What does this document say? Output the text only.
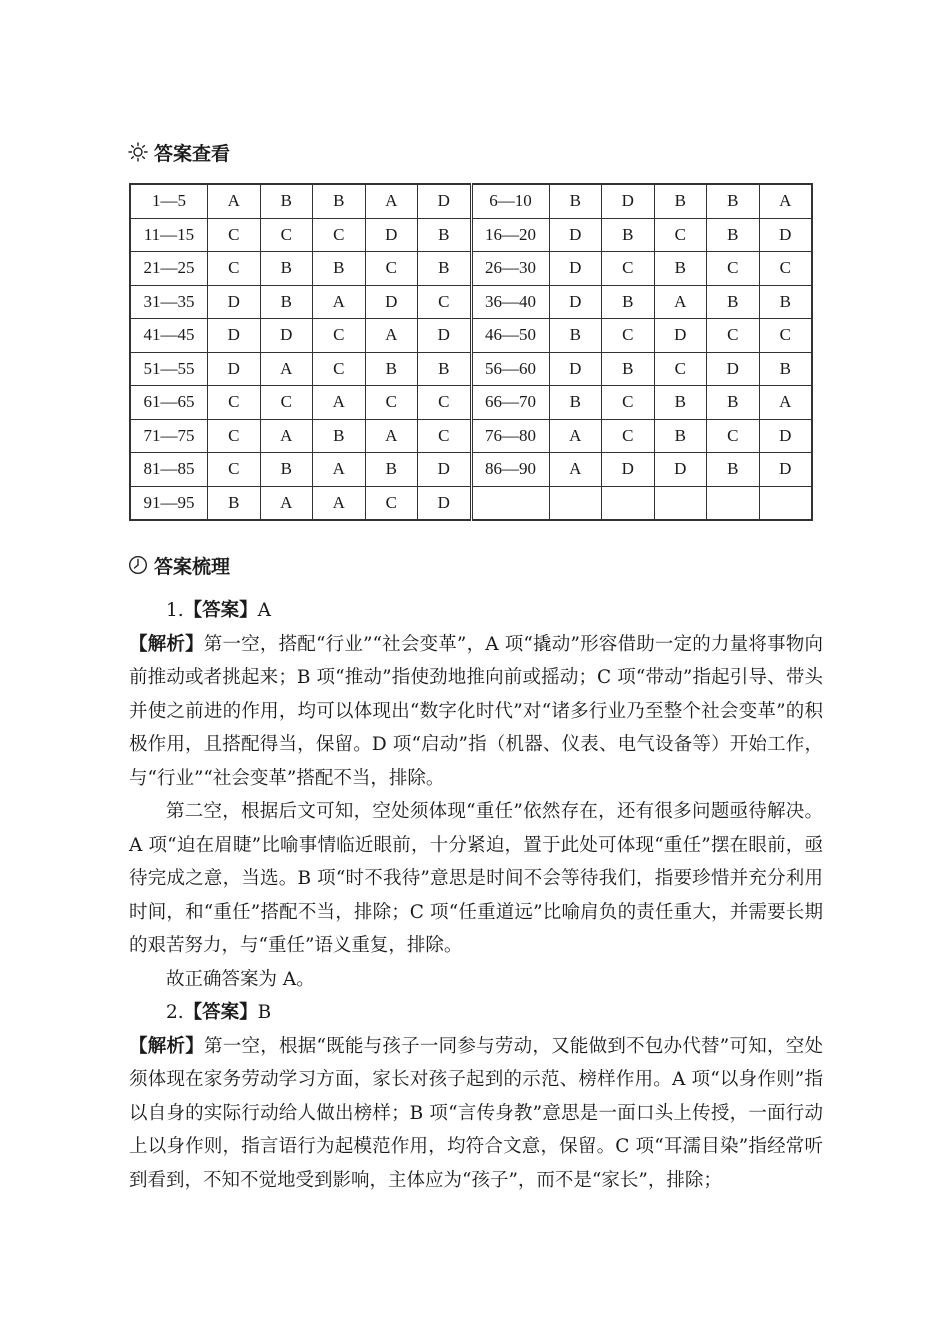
答案查看
1—5	A	B	B	A	D	6—10	B	D	B	B	A
11—15	C	C	C	D	B	16—20	D	B	C	B	D
21—25	C	B	B	C	B	26—30	D	C	B	C	C
31—35	D	B	A	D	C	36—40	D	B	A	B	B
41—45	D	D	C	A	D	46—50	B	C	D	C	C
51—55	D	A	C	B	B	56—60	D	B	C	D	B
61—65	C	C	A	C	C	66—70	B	C	B	B	A
71—75	C	A	B	A	C	76—80	A	C	B	C	D
81—85	C	B	A	B	D	86—90	A	D	D	B	D
91—95	B	A	A	C	D						
答案梳理

1.【答案】A

【解析】第一空，搭配“行业”“社会变革”，A 项“撬动”形容借助一定的力量将事物向前推动或者挑起来；B 项“推动”指使劲地推向前或摇动；C 项“带动”指起引导、带头并使之前进的作用，均可以体现出“数字化时代”对“诸多行业乃至整个社会变革”的积极作用，且搭配得当，保留。D 项“启动”指（机器、仪表、电气设备等）开始工作，与“行业”“社会变革”搭配不当，排除。

第二空，根据后文可知，空处须体现“重任”依然存在，还有很多问题亟待解决。A 项“迫在眉睫”比喻事情临近眼前，十分紧迫，置于此处可体现“重任”摆在眼前，亟待完成之意，当选。B 项“时不我待”意思是时间不会等待我们，指要珍惜并充分利用时间，和“重任”搭配不当，排除；C 项“任重道远”比喻肩负的责任重大，并需要长期的艰苦努力，与“重任”语义重复，排除。

故正确答案为 A。

2.【答案】B

【解析】第一空，根据“既能与孩子一同参与劳动，又能做到不包办代替”可知，空处须体现在家务劳动学习方面，家长对孩子起到的示范、榜样作用。A 项“以身作则”指以自身的实际行动给人做出榜样；B 项“言传身教”意思是一面口头上传授，一面行动上以身作则，指言语行为起模范作用，均符合文意，保留。C 项“耳濡目染”指经常听到看到，不知不觉地受到影响，主体应为“孩子”，而不是“家长”，排除；
